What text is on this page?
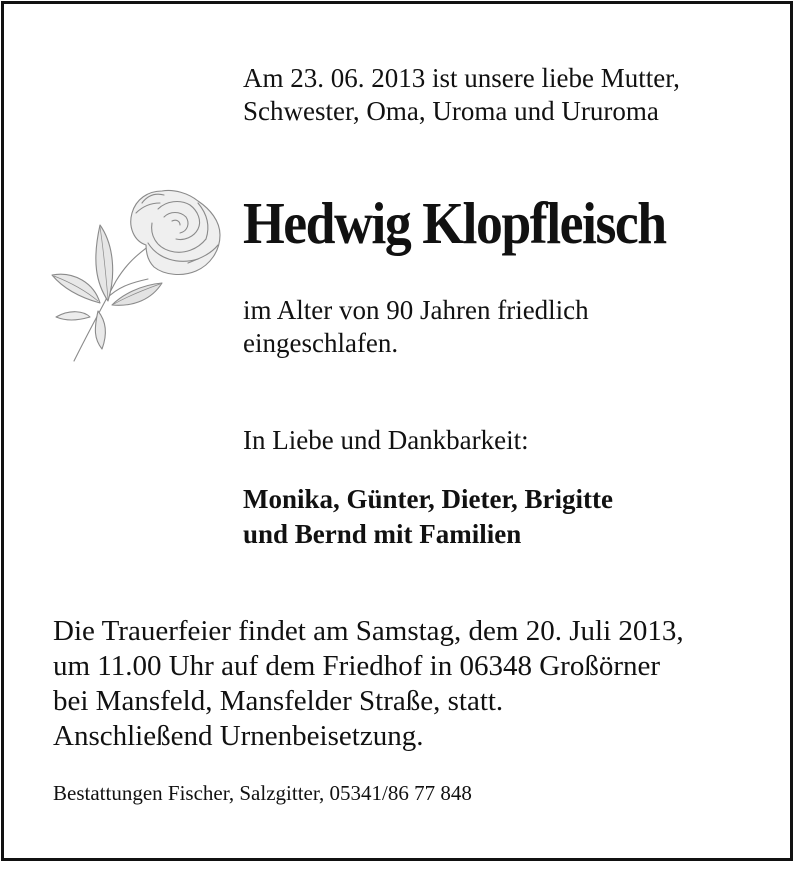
Am 23. 06. 2013 ist unsere liebe Mutter,
Schwester, Oma, Uroma und Ururoma
Hedwig Klopfleisch
im Alter von 90 Jahren friedlich
eingeschlafen.
In Liebe und Dankbarkeit:
Monika, Günter, Dieter, Brigitte
und Bernd mit Familien
Die Trauerfeier findet am Samstag, dem 20. Juli 2013,
um 11.00 Uhr auf dem Friedhof in 06348 Großörner
bei Mansfeld, Mansfelder Straße, statt.
Anschließend Urnenbeisetzung.
Bestattungen Fischer, Salzgitter, 05341/86 77 848
